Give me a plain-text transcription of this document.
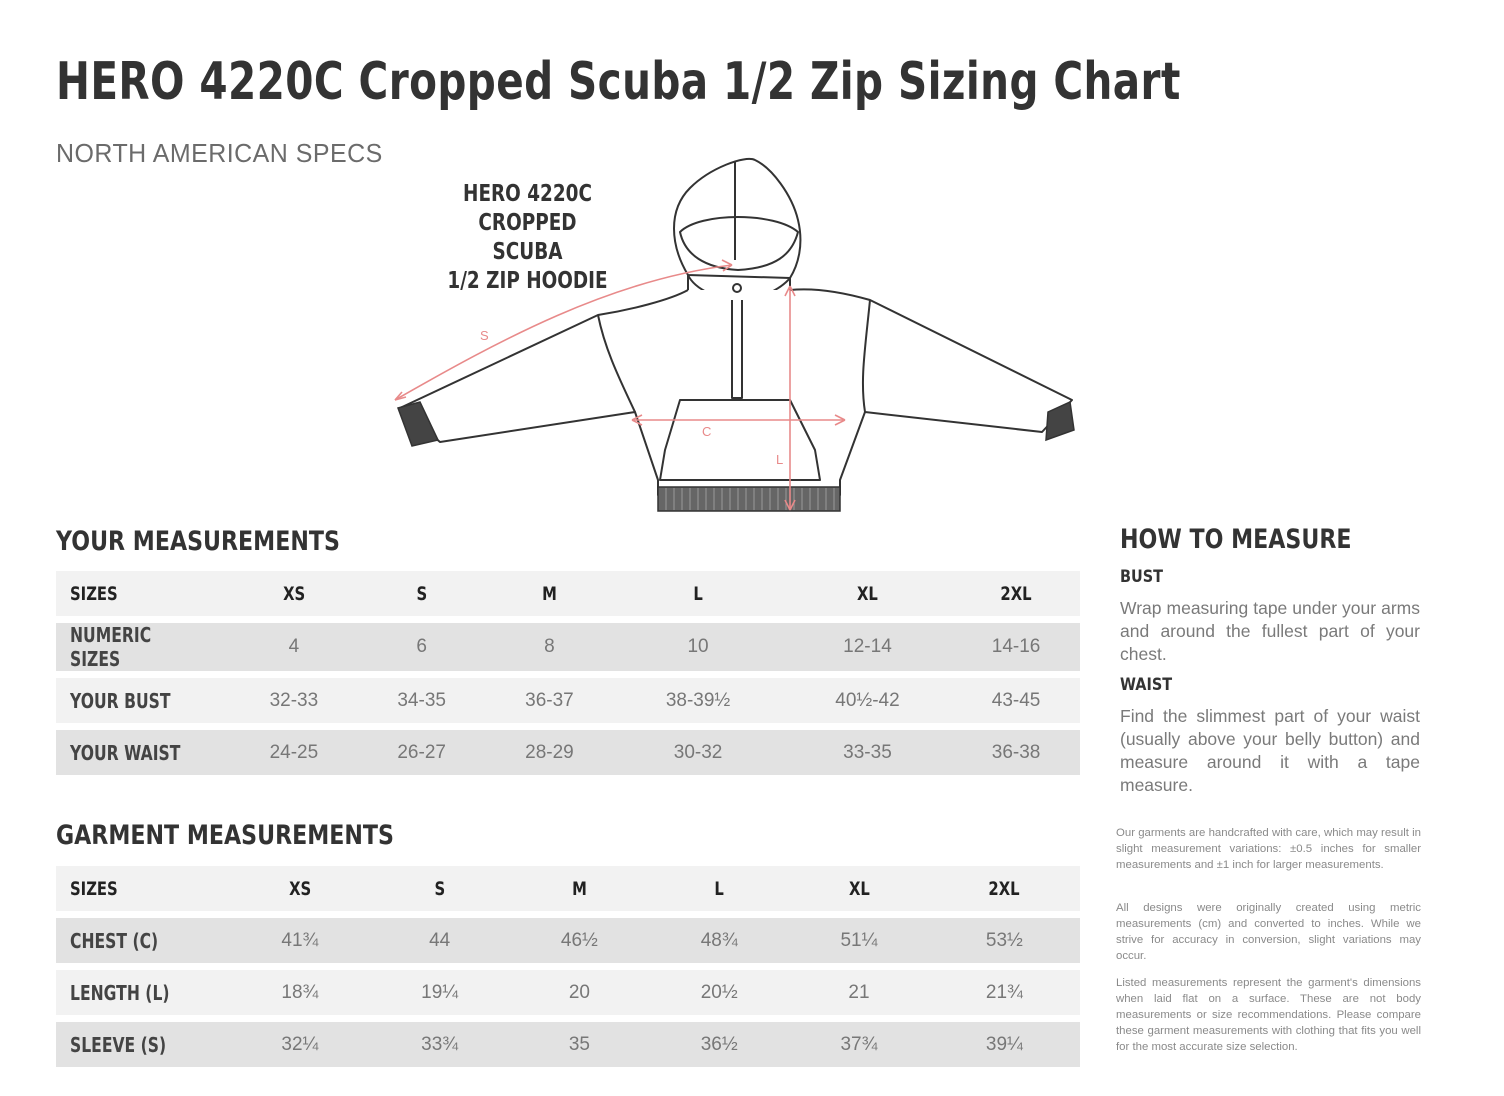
HERO 4220C Cropped Scuba 1/2 Zip Sizing Chart
NORTH AMERICAN SPECS
HERO 4220C
CROPPED SCUBA
1/2 ZIP HOODIE
S
C
L
YOUR MEASUREMENTS
SIZES	XS	S	M	L	XL	2XL
NUMERIC SIZES	4	6	8	10	12-14	14-16
YOUR BUST	32-33	34-35	36-37	38-39½	40½-42	43-45
YOUR WAIST	24-25	26-27	28-29	30-32	33-35	36-38
GARMENT MEASUREMENTS
SIZES	XS	S	M	L	XL	2XL
CHEST (C)	41¾	44	46½	48¾	51¼	53½
LENGTH (L)	18¾	19¼	20	20½	21	21¾
SLEEVE (S)	32¼	33¾	35	36½	37¾	39¼
HOW TO MEASURE
BUST
Wrap measuring tape under your arms and around the fullest part of your chest.
WAIST
Find the slimmest part of your waist (usually above your belly button) and measure around it with a tape measure.
Our garments are handcrafted with care, which may result in slight measurement variations: ±0.5 inches for smaller measurements and ±1 inch for larger measurements.
All designs were originally created using metric measurements (cm) and converted to inches. While we strive for accuracy in conversion, slight variations may occur.
Listed measurements represent the garment's dimensions when laid flat on a surface. These are not body measurements or size recommendations. Please compare these garment measurements with clothing that fits you well for the most accurate size selection.
